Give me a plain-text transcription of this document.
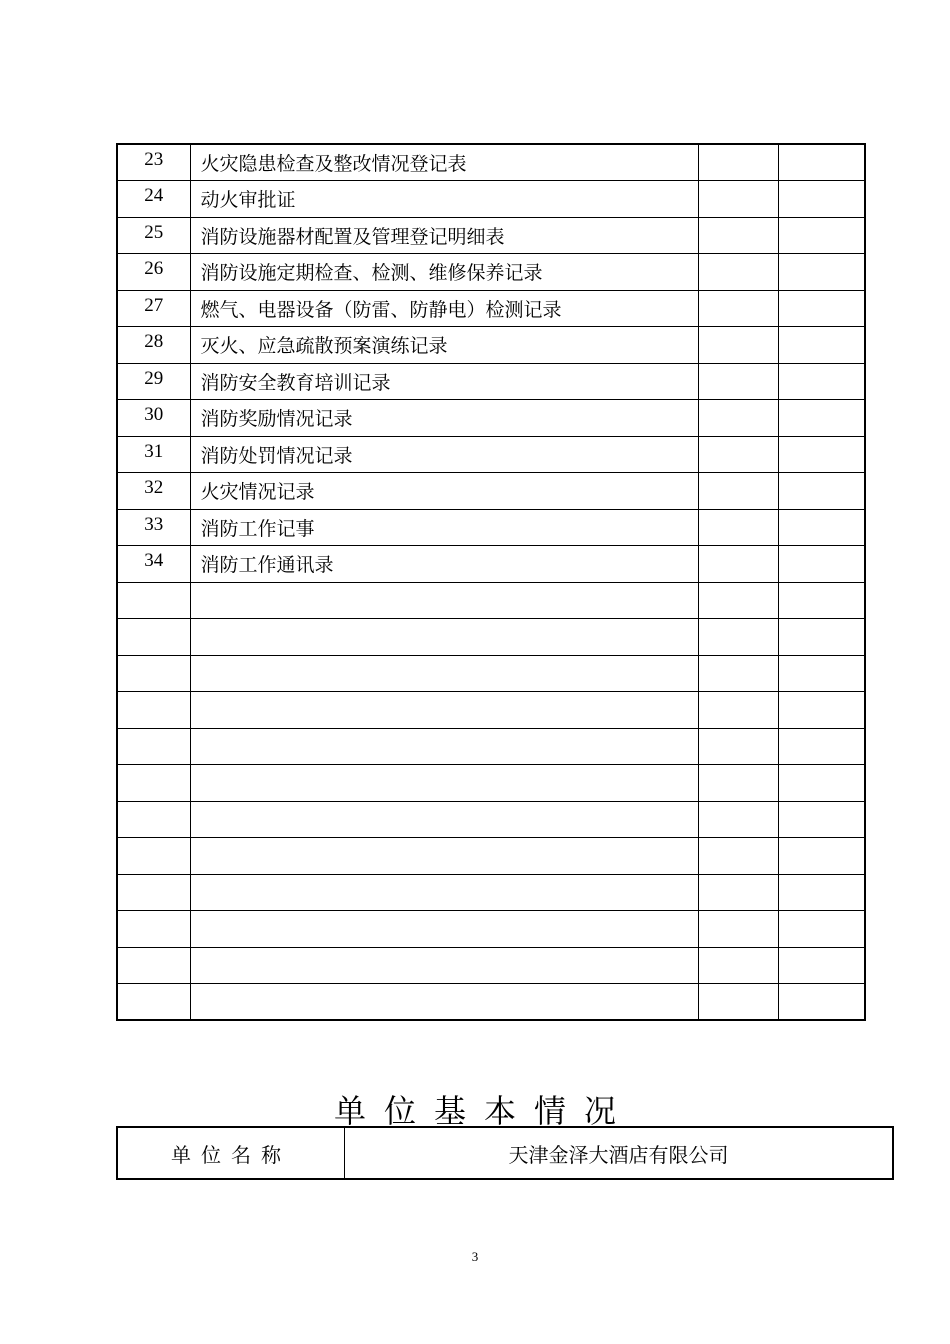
23	火灾隐患检查及整改情况登记表		
24	动火审批证		
25	消防设施器材配置及管理登记明细表		
26	消防设施定期检查、检测、维修保养记录		
27	燃气、电器设备（防雷、防静电）检测记录		
28	灭火、应急疏散预案演练记录		
29	消防安全教育培训记录		
30	消防奖励情况记录		
31	消防处罚情况记录		
32	火灾情况记录		
33	消防工作记事		
34	消防工作通讯录		

单位基本情况
单位名称	天津金泽大酒店有限公司
3
